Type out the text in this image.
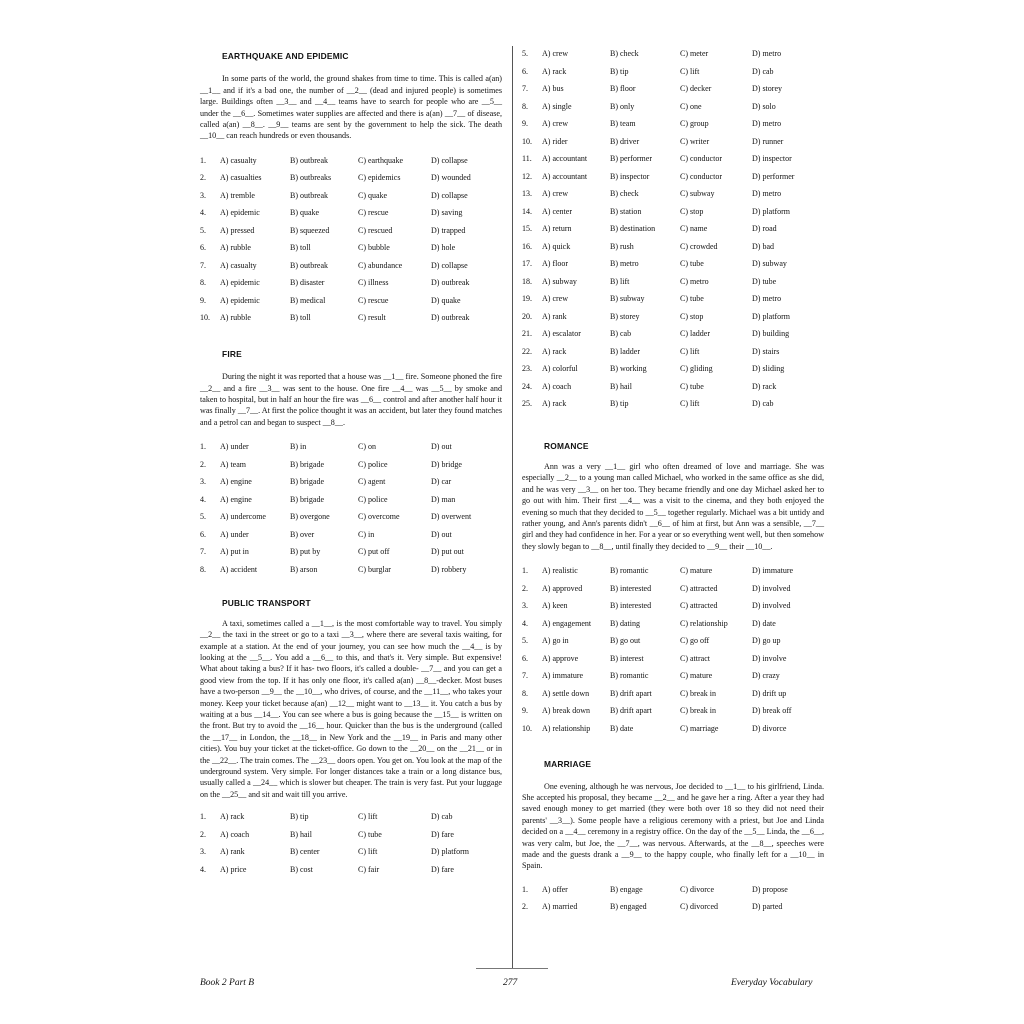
EARTHQUAKE AND EPIDEMIC

In some parts of the world, the ground shakes from time to time. This is called a(an) __1__ and if it's a bad one, the number of __2__ (dead and injured people) is sometimes large. Buildings often __3__ and __4__ teams have to search for people who are __5__ under the __6__. Sometimes water supplies are affected and there is a(an) __7__ of disease, called a(an) __8__. __9__ teams are sent by the government to help the sick. The death __10__ can reach hundreds or even thousands.

1. A) casualty	B) outbreak	C) earthquake	D) collapse
2. A) casualties	B) outbreaks	C) epidemics	D) wounded
3. A) tremble	B) outbreak	C) quake	D) collapse
4. A) epidemic	B) quake	C) rescue	D) saving
5. A) pressed	B) squeezed	C) rescued	D) trapped
6. A) rubble	B) toll	C) bubble	D) hole
7. A) casualty	B) outbreak	C) abundance	D) collapse
8. A) epidemic	B) disaster	C) illness	D) outbreak
9. A) epidemic	B) medical	C) rescue	D) quake
10. A) rubble	B) toll	C) result	D) outbreak
FIRE

During the night it was reported that a house was __1__ fire. Someone phoned the fire __2__ and a fire __3__ was sent to the house. One fire __4__ was __5__ by smoke and taken to hospital, but in half an hour the fire was __6__ control and after another half hour it was finally __7__. At first the police thought it was an accident, but later they found matches and a petrol can and began to suspect __8__.

1. A) under	B) in	C) on	D) out
2. A) team	B) brigade	C) police	D) bridge
3. A) engine	B) brigade	C) agent	D) car
4. A) engine	B) brigade	C) police	D) man
5. A) undercome	B) overgone	C) overcome	D) overwent
6. A) under	B) over	C) in	D) out
7. A) put in	B) put by	C) put off	D) put out
8. A) accident	B) arson	C) burglar	D) robbery
PUBLIC TRANSPORT

A taxi, sometimes called a __1__, is the most comfortable way to travel. You simply __2__ the taxi in the street or go to a taxi __3__, where there are several taxis waiting, for example at a station. At the end of your journey, you can see how much the __4__ is by looking at the __5__. You add a __6__ to this, and that's it. Very simple. But expensive! What about taking a bus? If it has- two floors, it's called a double- __7__ and you can get a good view from the top. If it has only one floor, it's called a(an) __8__-decker. Most buses have a two-person __9__ the __10__, who drives, of course, and the __11__, who takes your money. Keep your ticket because a(an) __12__ might want to __13__ it. You catch a bus by waiting at a bus __14__. You can see where a bus is going because the __15__ is written on the front. But try to avoid the __16__ hour. Quicker than the bus is the underground (called the __17__ in London, the __18__ in New York and the __19__ in Paris and many other cities). You buy your ticket at the ticket-office. Go down to the __20__ on the __21__ or in the __22__. The train comes. The __23__ doors open. You get on. You look at the map of the underground system. Very simple. For longer distances take a train or a long distance bus, usually called a __24__ which is slower but cheaper. The train is very fast. Put your luggage on the __25__ and sit and wait till you arrive.

1. A) rack	B) tip	C) lift	D) cab
2. A) coach	B) hail	C) tube	D) fare
3. A) rank	B) center	C) lift	D) platform
4. A) price	B) cost	C) fair	D) fare
5. A) crew	B) check	C) meter	D) metro
6. A) rack	B) tip	C) lift	D) cab
7. A) bus	B) floor	C) decker	D) storey
8. A) single	B) only	C) one	D) solo
9. A) crew	B) team	C) group	D) metro
10. A) rider	B) driver	C) writer	D) runner
11. A) accountant	B) performer	C) conductor	D) inspector
12. A) accountant	B) inspector	C) conductor	D) performer
13. A) crew	B) check	C) subway	D) metro
14. A) center	B) station	C) stop	D) platform
15. A) return	B) destination	C) name	D) road
16. A) quick	B) rush	C) crowded	D) bad
17. A) floor	B) metro	C) tube	D) subway
18. A) subway	B) lift	C) metro	D) tube
19. A) crew	B) subway	C) tube	D) metro
20. A) rank	B) storey	C) stop	D) platform
21. A) escalator	B) cab	C) ladder	D) building
22. A) rack	B) ladder	C) lift	D) stairs
23. A) colorful	B) working	C) gliding	D) sliding
24. A) coach	B) hail	C) tube	D) rack
25. A) rack	B) tip	C) lift	D) cab
ROMANCE

Ann was a very __1__ girl who often dreamed of love and marriage. She was especially __2__ to a young man called Michael, who worked in the same office as she did, and he was very __3__ on her too. They became friendly and one day Michael asked her to go out with him. Their first __4__ was a visit to the cinema, and they both enjoyed the evening so much that they decided to __5__ together regularly. Michael was a bit untidy and rather young, and Ann's parents didn't __6__ of him at first, but Ann was a sensible, __7__ girl and they had confidence in her. For a year or so everything went well, but then somehow they slowly began to __8__, until finally they decided to __9__ their __10__.

1. A) realistic	B) romantic	C) mature	D) immature
2. A) approved	B) interested	C) attracted	D) involved
3. A) keen	B) interested	C) attracted	D) involved
4. A) engagement B) dating	C) relationship	D) date
5. A) go in	B) go out	C) go off	D) go up
6. A) approve	B) interest	C) attract	D) involve
7. A) immature	B) romantic	C) mature	D) crazy
8. A) settle down	B) drift apart	C) break in	D) drift up
9. A) break down	B) drift apart	C) break in	D) break off
10. A) relationship B) date	C) marriage	D) divorce
MARRIAGE

One evening, although he was nervous, Joe decided to __1__ to his girlfriend, Linda. She accepted his proposal, they became __2__ and he gave her a ring. After a year they had saved enough money to get married (they were both over 18 so they did not need their parents' __3__). Some people have a religious ceremony with a priest, but Joe and Linda decided on a __4__ ceremony in a registry office. On the day of the __5__ Linda, the __6__, was very calm, but Joe, the __7__, was nervous. Afterwards, at the __8__, speeches were made and the guests drank a __9__ to the happy couple, who finally left for a __10__ in Spain.

1. A) offer	B) engage	C) divorce	D) propose
2. A) married	B) engaged	C) divorced	D) parted
Book 2 Part B	277	Everyday Vocabulary
